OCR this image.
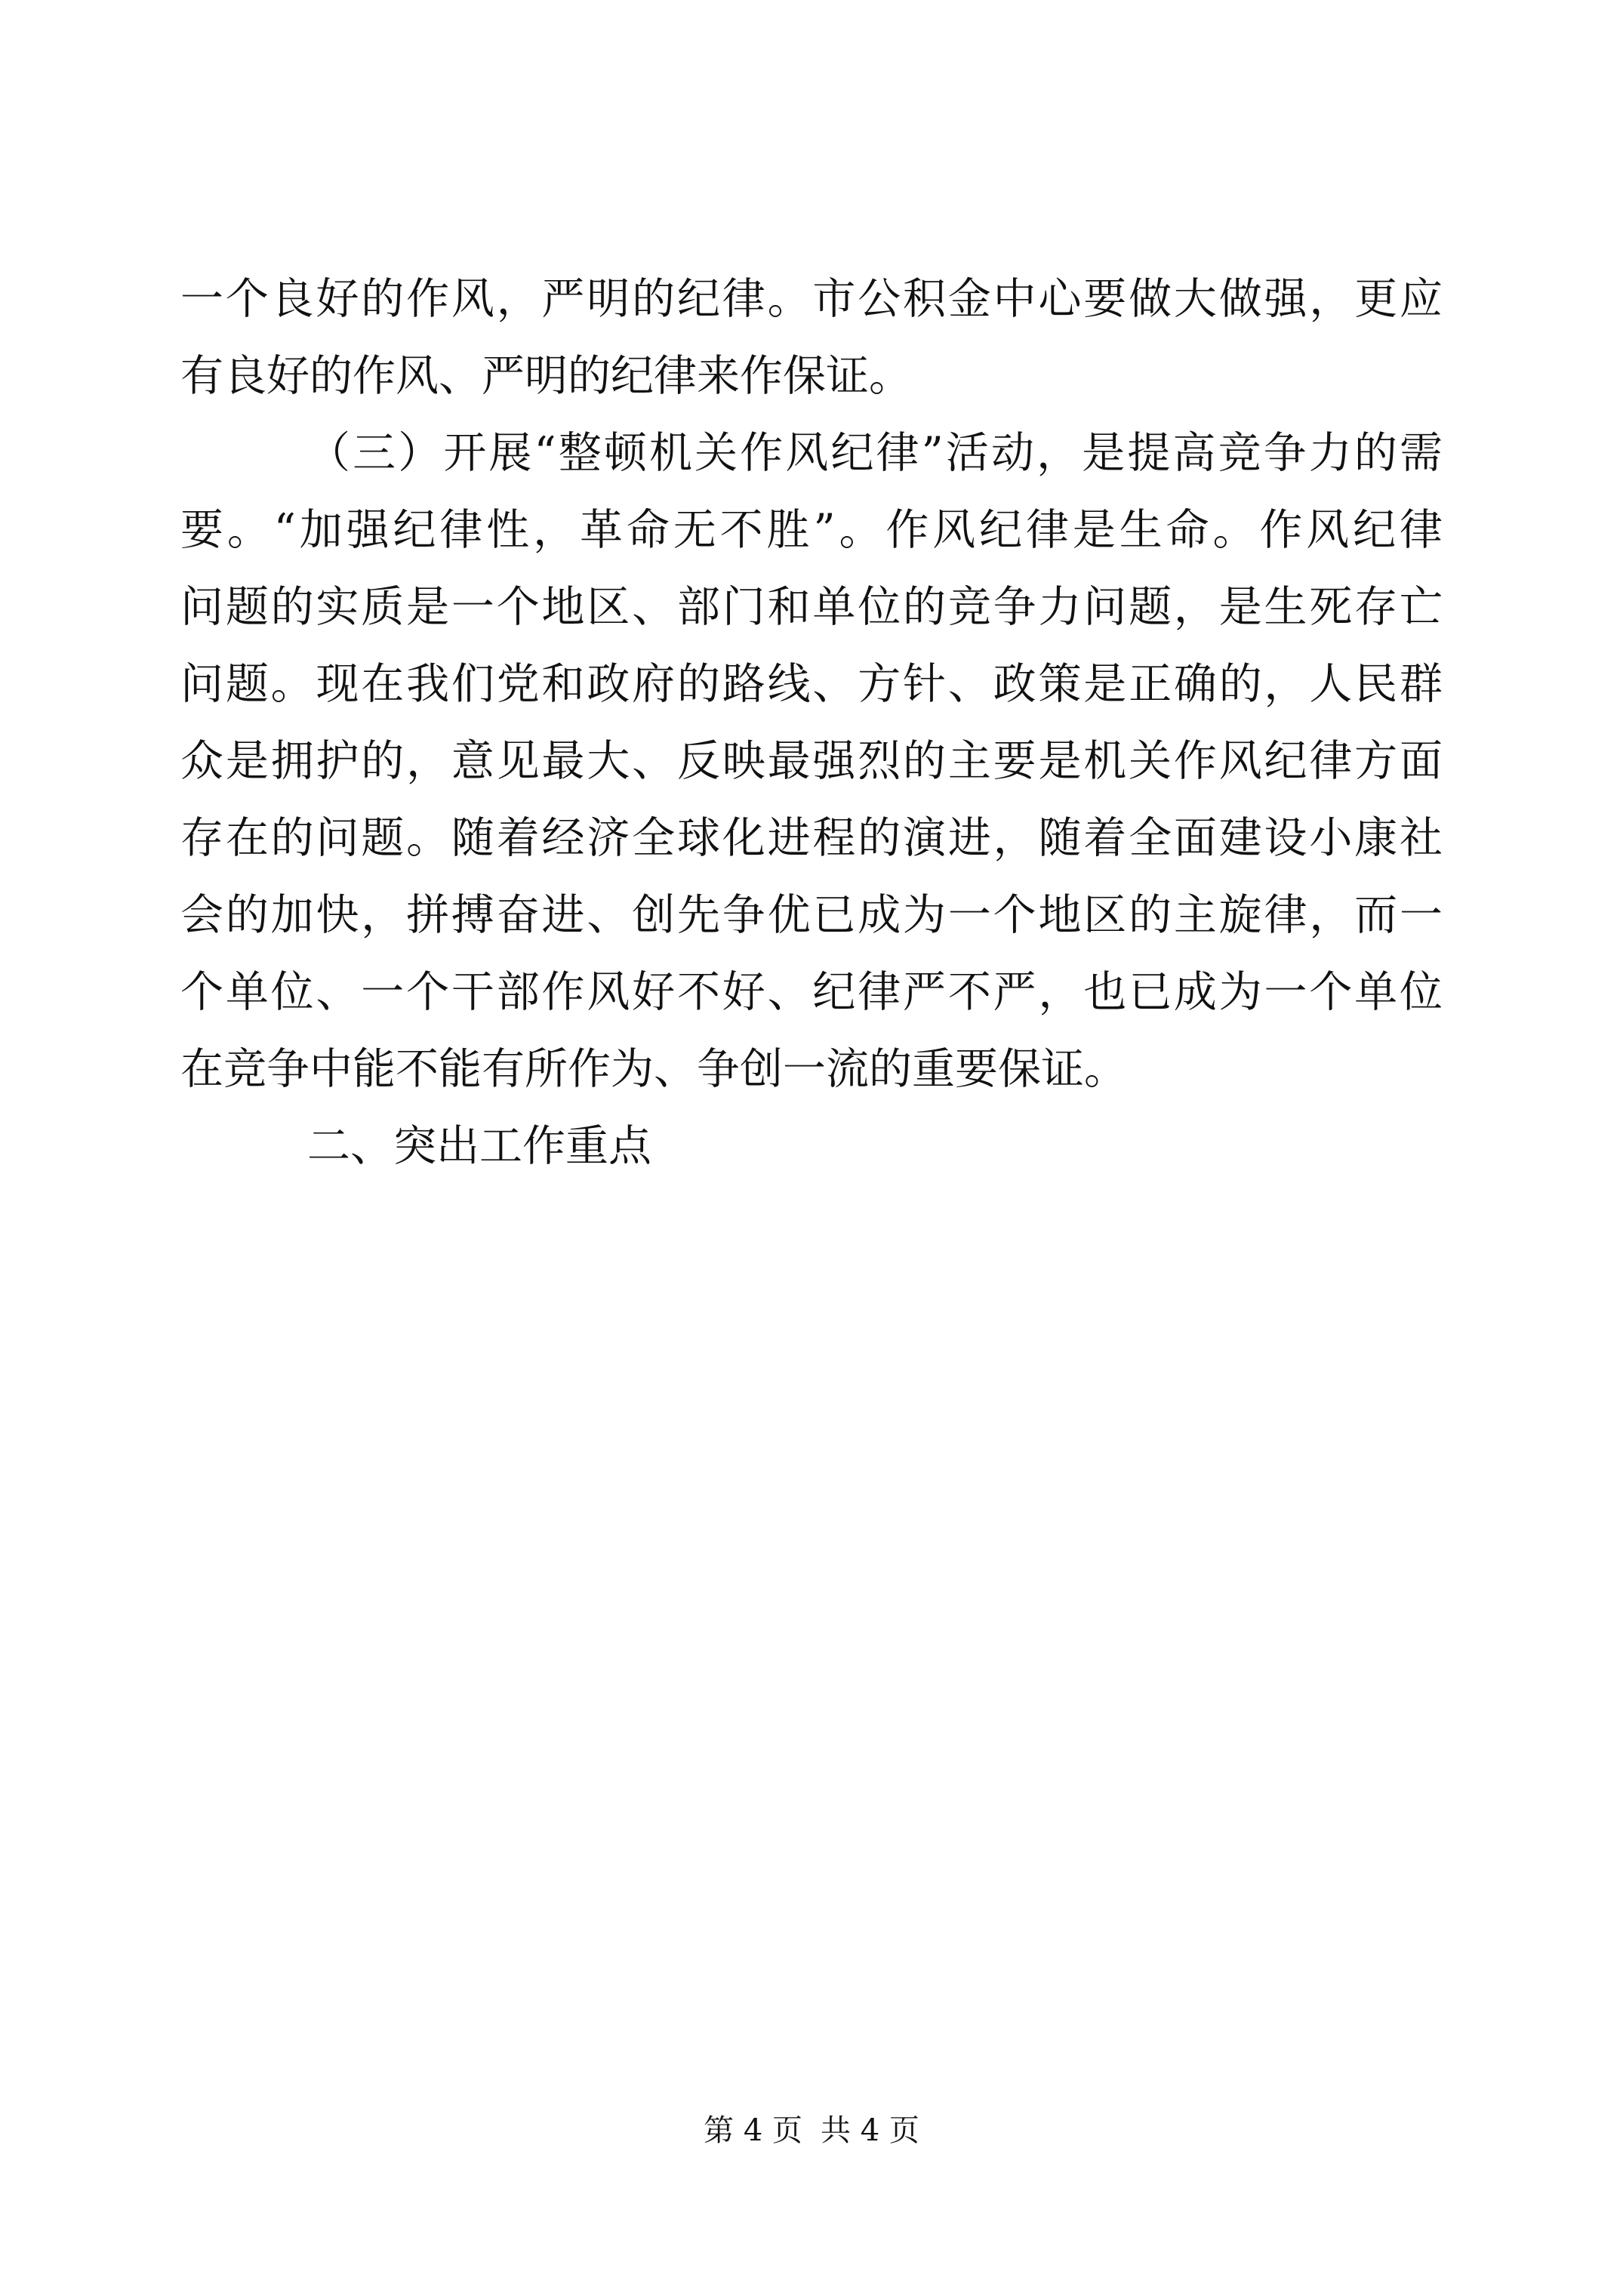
一个良好的作风，严明的纪律。市公积金中心要做大做强，更应
有良好的作风、严明的纪律来作保证。
（三）开展“整顿机关作风纪律”活动，是提高竞争力的需
要。“加强纪律性，革命无不胜”。作风纪律是生命。作风纪律
问题的实质是一个地区、部门和单位的竞争力问题，是生死存亡
问题。现在我们党和政府的路线、方针、政策是正确的，人民群
众是拥护的，意见最大、反映最强烈的主要是机关作风纪律方面
存在的问题。随着经济全球化进程的演进，随着全面建设小康社
会的加快，拼搏奋进、创先争优已成为一个地区的主旋律，而一
个单位、一个干部作风好不好、纪律严不严，也已成为一个单位
在竞争中能不能有所作为、争创一流的重要保证。
二、突出工作重点
第 4 页 共 4 页
